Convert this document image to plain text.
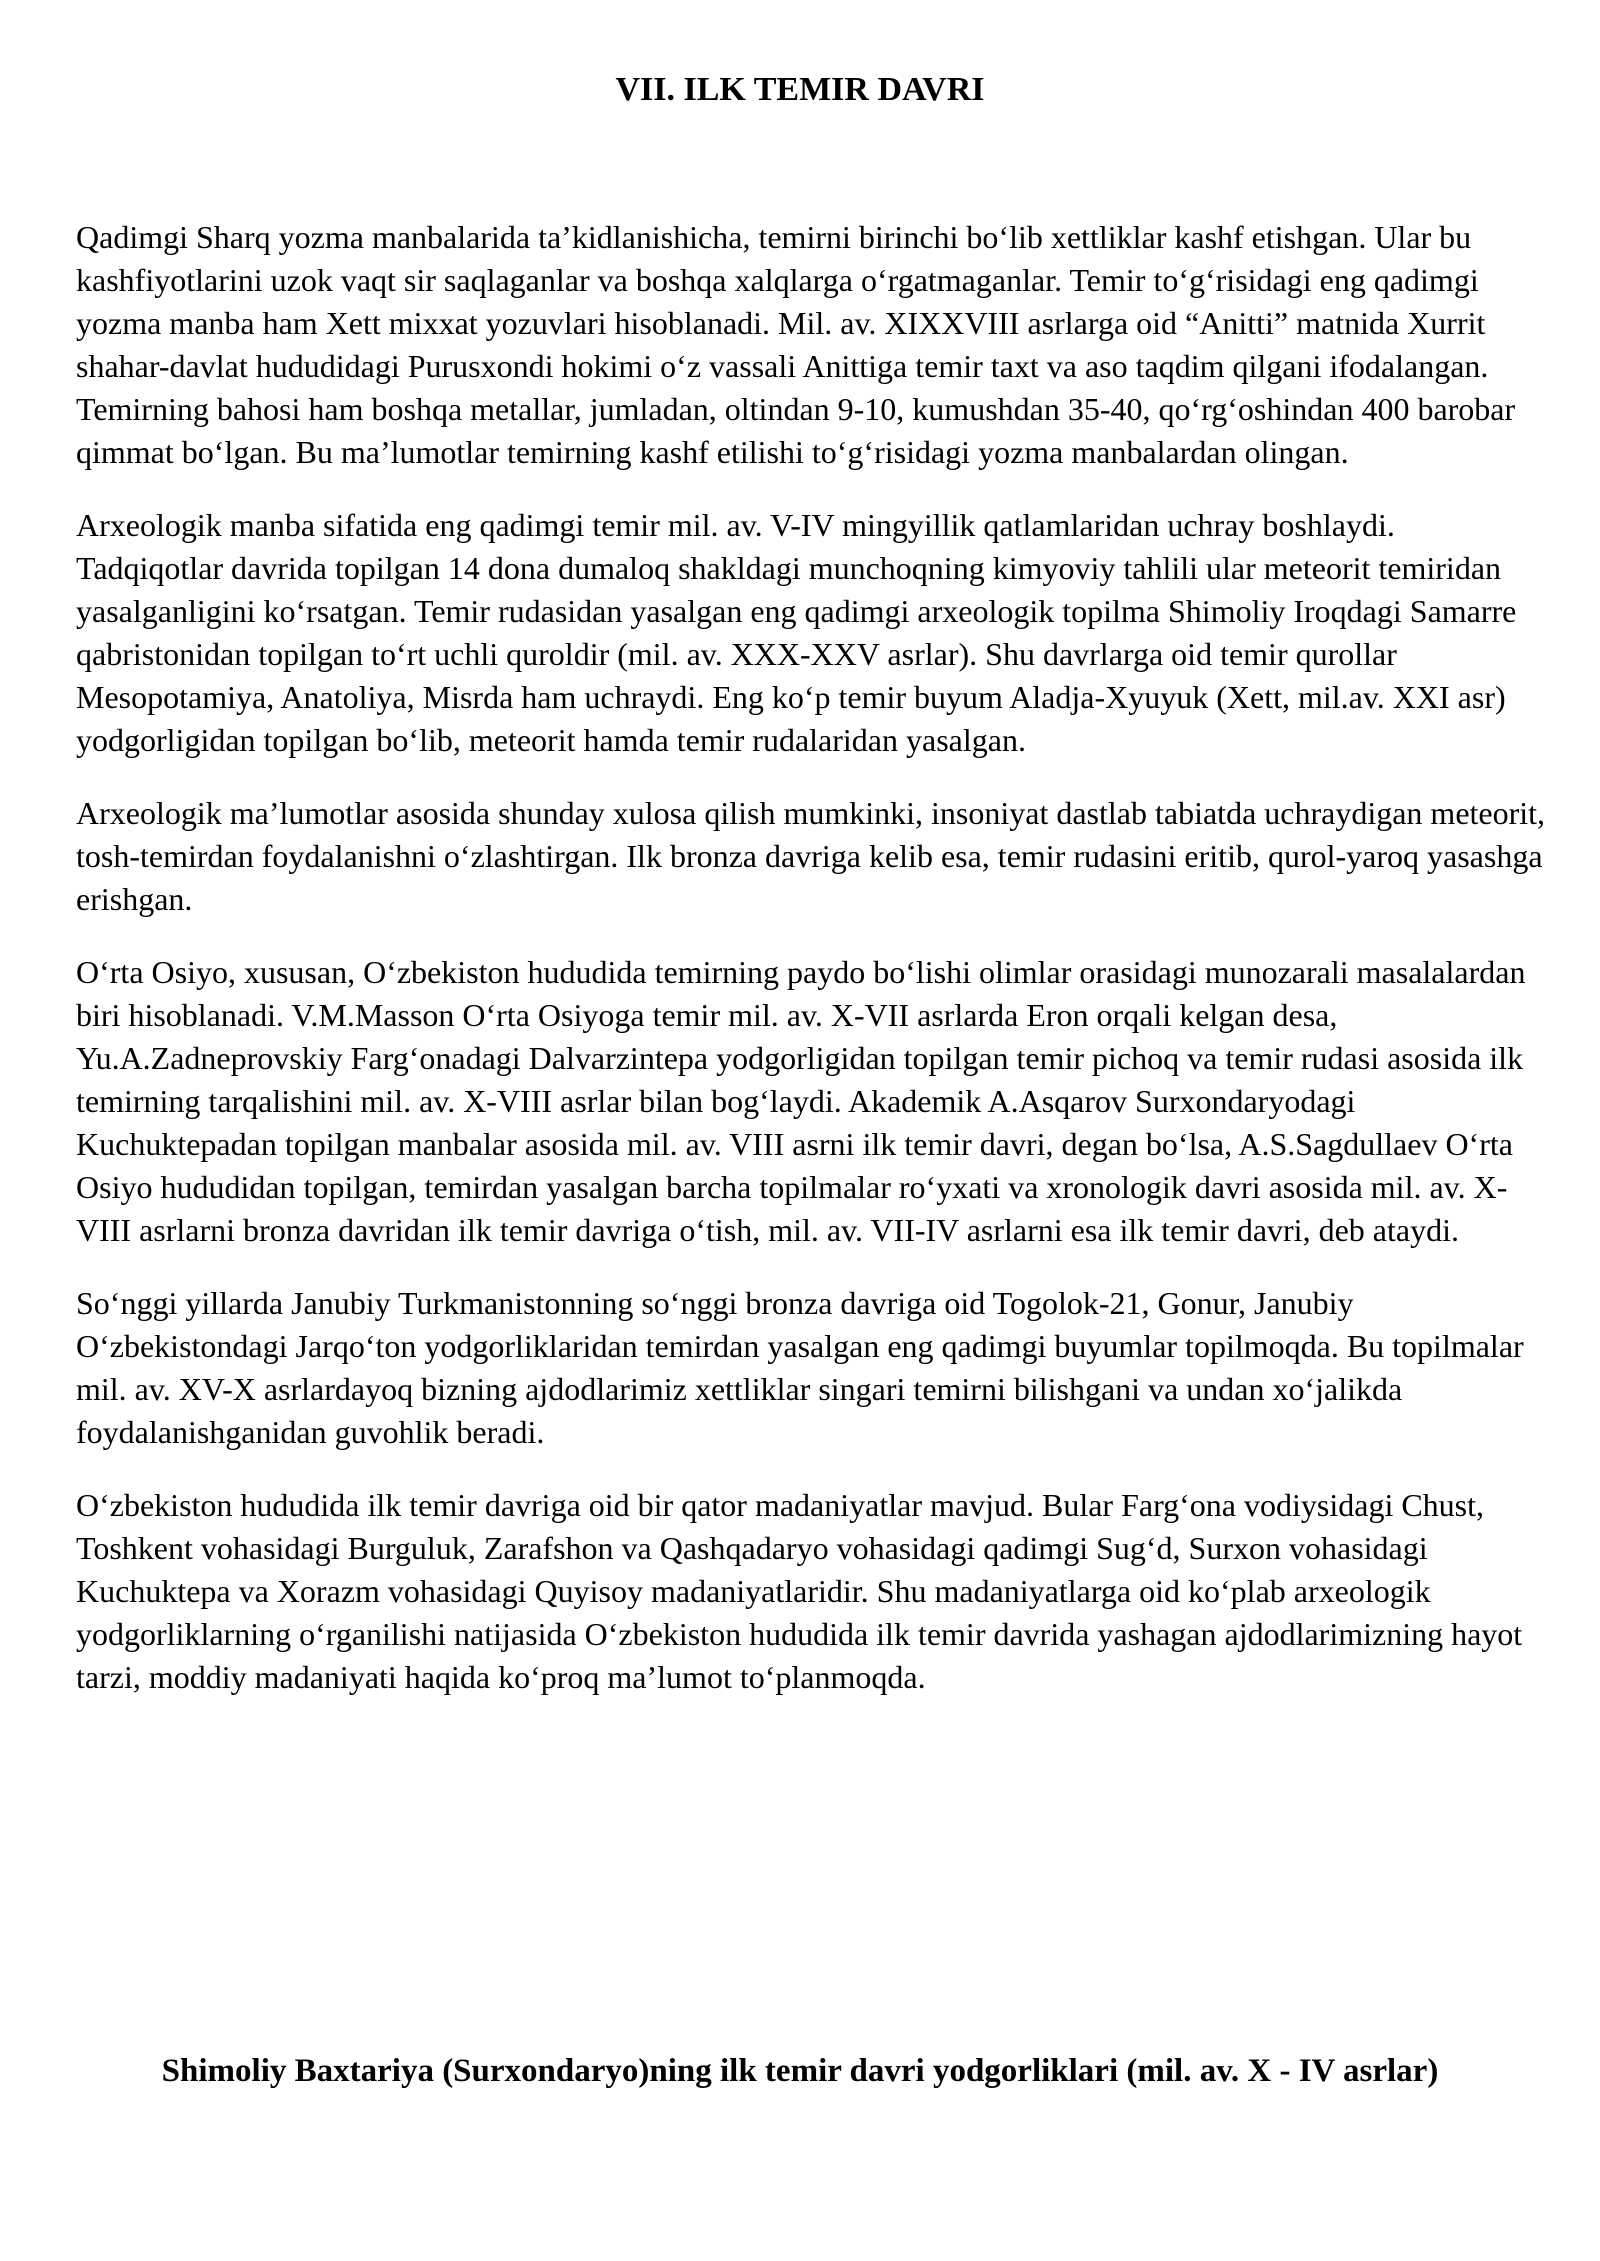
VII. ILK TEMIR DAVRI

Qadimgi Sharq yozma manbalarida ta’kidlanishicha, temirni birinchi bo‘lib xettliklar kashf etishgan. Ular bu kashfiyotlarini uzok vaqt sir saqlaganlar va boshqa xalqlarga o‘rgatmaganlar. Temir to‘g‘risidagi eng qadimgi yozma manba ham Xett mixxat yozuvlari hisoblanadi. Mil. av. XIXXVIII asrlarga oid “Anitti” matnida Xurrit shahar-davlat hududidagi Purusxondi hokimi o‘z vassali Anittiga temir taxt va aso taqdim qilgani ifodalangan. Temirning bahosi ham boshqa metallar, jumladan, oltindan 9-10, kumushdan 35-40, qo‘rg‘oshindan 400 barobar qimmat bo‘lgan. Bu ma’lumotlar temirning kashf etilishi to‘g‘risidagi yozma manbalardan olingan.

Arxeologik manba sifatida eng qadimgi temir mil. av. V-IV mingyillik qatlamlaridan uchray boshlaydi. Tadqiqotlar davrida topilgan 14 dona dumaloq shakldagi munchoqning kimyoviy tahlili ular meteorit temiridan yasalganligini ko‘rsatgan. Temir rudasidan yasalgan eng qadimgi arxeologik topilma Shimoliy Iroqdagi Samarre qabristonidan topilgan to‘rt uchli quroldir (mil. av. XXX-XXV asrlar). Shu davrlarga oid temir qurollar Mesopotamiya, Anatoliya, Misrda ham uchraydi. Eng ko‘p temir buyum Aladja-Xyuyuk (Xett, mil.av. XXI asr) yodgorligidan topilgan bo‘lib, meteorit hamda temir rudalaridan yasalgan.

Arxeologik ma’lumotlar asosida shunday xulosa qilish mumkinki, insoniyat dastlab tabiatda uchraydigan meteorit, tosh-temirdan foydalanishni o‘zlashtirgan. Ilk bronza davriga kelib esa, temir rudasini eritib, qurol-yaroq yasashga erishgan.

O‘rta Osiyo, xususan, O‘zbekiston hududida temirning paydo bo‘lishi olimlar orasidagi munozarali masalalardan biri hisoblanadi. V.M.Masson O‘rta Osiyoga temir mil. av. X-VII asrlarda Eron orqali kelgan desa, Yu.A.Zadneprovskiy Farg‘onadagi Dalvarzintepa yodgorligidan topilgan temir pichoq va temir rudasi asosida ilk temirning tarqalishini mil. av. X-VIII asrlar bilan bog‘laydi. Akademik A.Asqarov Surxondaryodagi Kuchuktepadan topilgan manbalar asosida mil. av. VIII asrni ilk temir davri, degan bo‘lsa, A.S.Sagdullaev O‘rta Osiyo hududidan topilgan, temirdan yasalgan barcha topilmalar ro‘yxati va xronologik davri asosida mil. av. X-VIII asrlarni bronza davridan ilk temir davriga o‘tish, mil. av. VII-IV asrlarni esa ilk temir davri, deb ataydi.

So‘nggi yillarda Janubiy Turkmanistonning so‘nggi bronza davriga oid Togolok-21, Gonur, Janubiy O‘zbekistondagi Jarqo‘ton yodgorliklaridan temirdan yasalgan eng qadimgi buyumlar topilmoqda. Bu topilmalar mil. av. XV-X asrlardayoq bizning ajdodlarimiz xettliklar singari temirni bilishgani va undan xo‘jalikda foydalanishganidan guvohlik beradi.

O‘zbekiston hududida ilk temir davriga oid bir qator madaniyatlar mavjud. Bular Farg‘ona vodiysidagi Chust, Toshkent vohasidagi Burguluk, Zarafshon va Qashqadaryo vohasidagi qadimgi Sug‘d, Surxon vohasidagi Kuchuktepa va Xorazm vohasidagi Quyisoy madaniyatlaridir. Shu madaniyatlarga oid ko‘plab arxeologik yodgorliklarning o‘rganilishi natijasida O‘zbekiston hududida ilk temir davrida yashagan ajdodlarimizning hayot tarzi, moddiy madaniyati haqida ko‘proq ma’lumot to‘planmoqda.

Shimoliy Baxtariya (Surxondaryo)ning ilk temir davri yodgorliklari (mil. av. X - IV asrlar)
